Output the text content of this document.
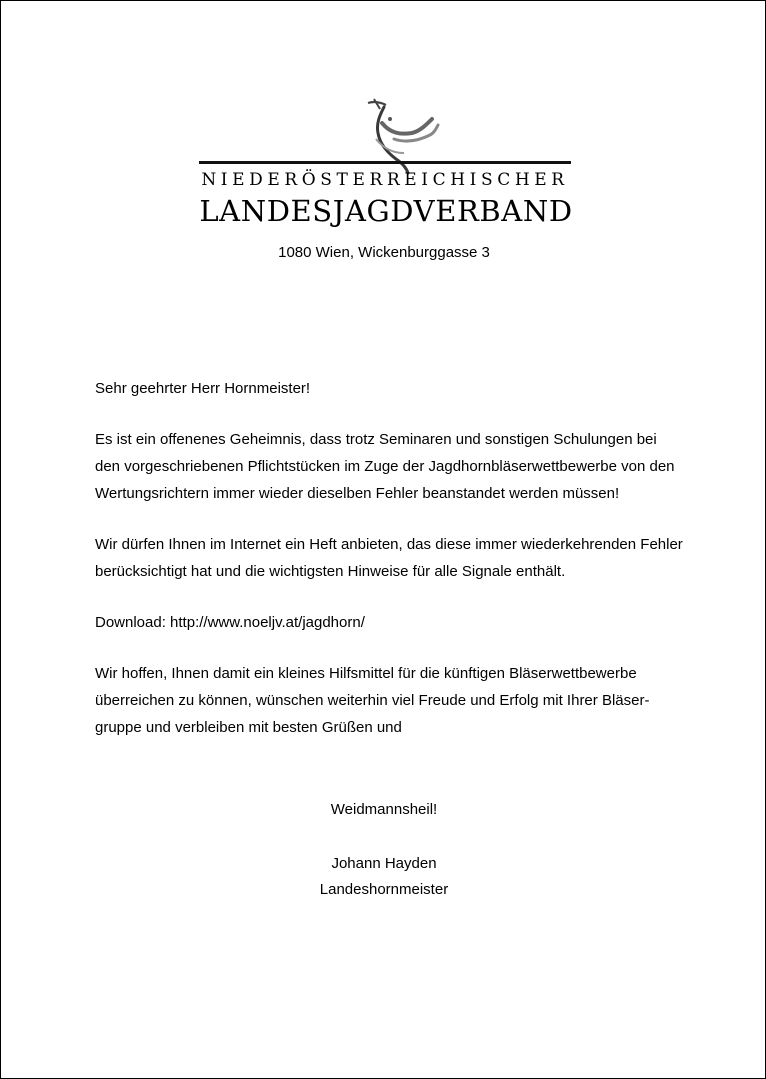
NIEDERÖSTERREICHISCHER
LANDESJAGDVERBAND
1080 Wien, Wickenburggasse 3

Sehr geehrter Herr Hornmeister!

Es ist ein offenenes Geheimnis, dass trotz Seminaren und sonstigen Schulungen bei den vorgeschriebenen Pflichtstücken im Zuge der Jagdhornbläserwettbewerbe von den Wertungsrichtern immer wieder dieselben Fehler beanstandet werden müssen!

Wir dürfen Ihnen im Internet ein Heft anbieten, das diese immer wiederkehrenden Fehler berücksichtigt hat und die wichtigsten Hinweise für alle Signale enthält.

Download: http://www.noeljv.at/jagdhorn/

Wir hoffen, Ihnen damit ein kleines Hilfsmittel für die künftigen Bläserwettbewerbe überreichen zu können, wünschen weiterhin viel Freude und Erfolg mit Ihrer Bläser-gruppe und verbleiben mit besten Grüßen und

Weidmannsheil!
Johann Hayden
Landeshornmeister
